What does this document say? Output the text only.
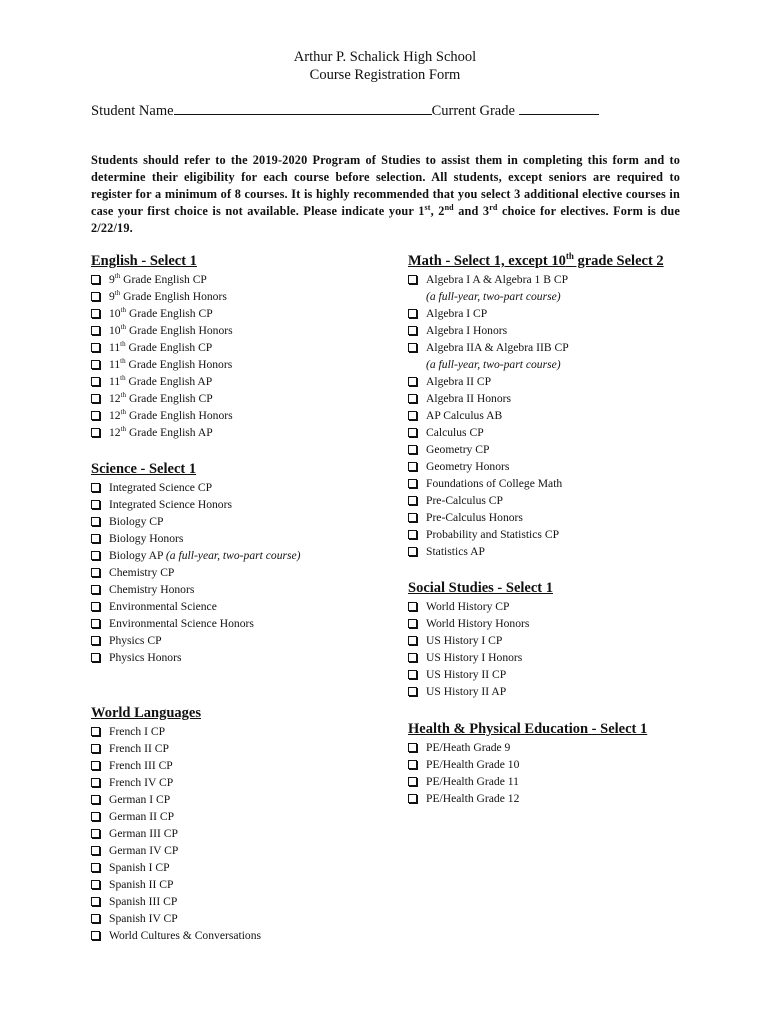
Arthur P. Schalick High School
Course Registration Form
Student Name	Current Grade
Students should refer to the 2019-2020 Program of Studies to assist them in completing this form and to determine their eligibility for each course before selection. All students, except seniors are required to register for a minimum of 8 courses. It is highly recommended that you select 3 additional elective courses in case your first choice is not available. Please indicate your 1st, 2nd and 3rd choice for electives. Form is due 2/22/19.
English - Select 1
9th Grade English CP
9th Grade English Honors
10th Grade English CP
10th Grade English Honors
11th Grade English CP
11th Grade English Honors
11th Grade English AP
12th Grade English CP
12th Grade English Honors
12th Grade English AP
Science - Select 1
Integrated Science CP
Integrated Science Honors
Biology CP
Biology Honors
Biology AP (a full-year, two-part course)
Chemistry CP
Chemistry Honors
Environmental Science
Environmental Science Honors
Physics CP
Physics Honors
World Languages
French I CP
French II CP
French III CP
French IV CP
German I CP
German II CP
German III CP
German IV CP
Spanish I CP
Spanish II CP
Spanish III CP
Spanish IV CP
World Cultures & Conversations
Math - Select 1, except 10th grade Select 2
Algebra I A & Algebra 1 B CP
(a full-year, two-part course)
Algebra I CP
Algebra I Honors
Algebra IIA & Algebra IIB CP
(a full-year, two-part course)
Algebra II CP
Algebra II Honors
AP Calculus AB
Calculus CP
Geometry CP
Geometry Honors
Foundations of College Math
Pre-Calculus CP
Pre-Calculus Honors
Probability and Statistics CP
Statistics AP
Social Studies - Select 1
World History CP
World History Honors
US History I CP
US History I Honors
US History II CP
US History II AP
Health & Physical Education - Select 1
PE/Heath Grade 9
PE/Health Grade 10
PE/Health Grade 11
PE/Health Grade 12
